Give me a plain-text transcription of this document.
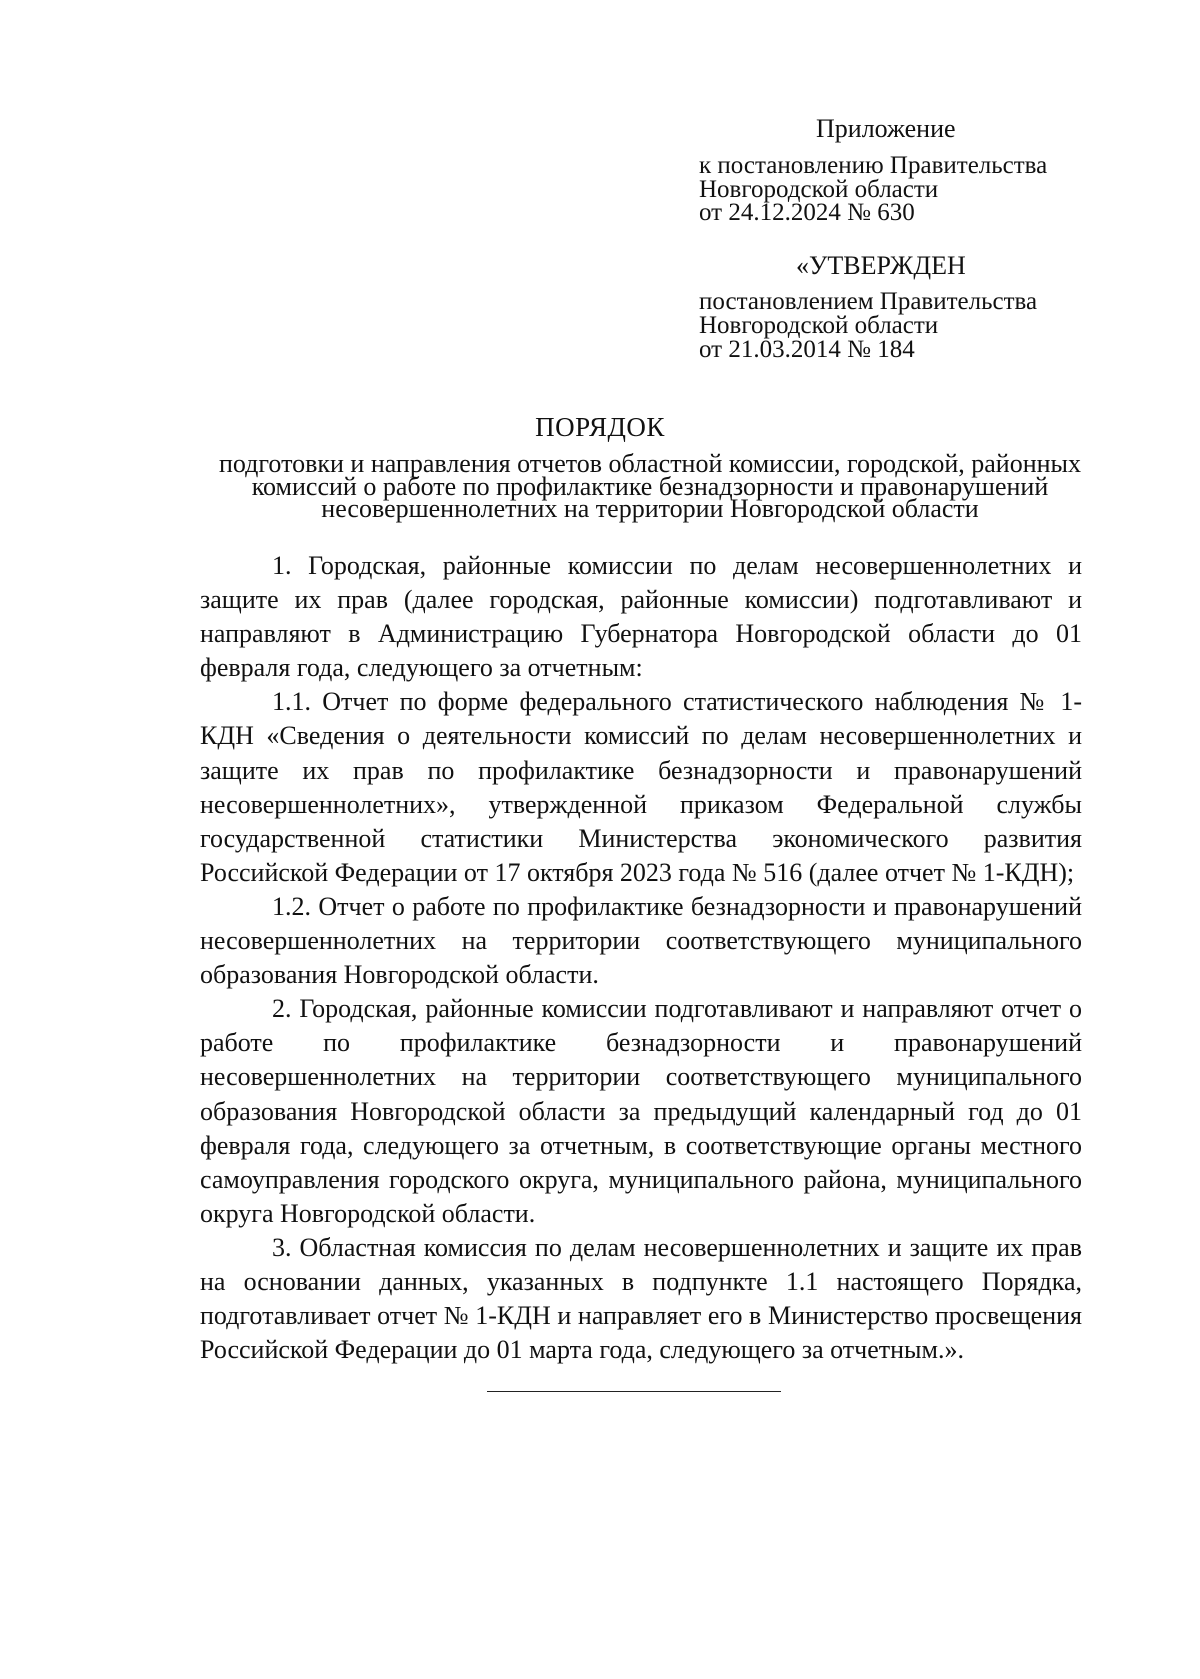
Приложение

к постановлению Правительства

Новгородской области

от 24.12.2024 № 630

«УТВЕРЖДЕН

постановлением Правительства

Новгородской области

от 21.03.2014 № 184

ПОРЯДОК

подготовки и направления отчетов областной комиссии, городской, районных

комиссий о работе по профилактике безнадзорности и правонарушений

несовершеннолетних на территории Новгородской области

1. Городская, районные комиссии по делам несовершеннолетних и защите их прав (далее городская, районные комиссии) подготавливают и направляют в Администрацию Губернатора Новгородской области до 01 февраля года, следующего за отчетным:

1.1. Отчет по форме федерального статистического наблюдения № 1-КДН «Сведения о деятельности комиссий по делам несовершеннолетних и защите их прав по профилактике безнадзорности и правонарушений несовершеннолетних», утвержденной приказом Федеральной службы государственной статистики Министерства экономического развития Российской Федерации от 17 октября 2023 года № 516 (далее отчет № 1-КДН);

1.2. Отчет о работе по профилактике безнадзорности и правонарушений несовершеннолетних на территории соответствующего муниципального образования Новгородской области.

2. Городская, районные комиссии подготавливают и направляют отчет о работе по профилактике безнадзорности и правонарушений несовершеннолетних на территории соответствующего муниципального образования Новгородской области за предыдущий календарный год до 01 февраля года, следующего за отчетным, в соответствующие органы местного самоуправления городского округа, муниципального района, муниципального округа Новгородской области.

3. Областная комиссия по делам несовершеннолетних и защите их прав на основании данных, указанных в подпункте 1.1 настоящего Порядка, подготавливает отчет № 1-КДН и направляет его в Министерство просвещения Российской Федерации до 01 марта года, следующего за отчетным.».
